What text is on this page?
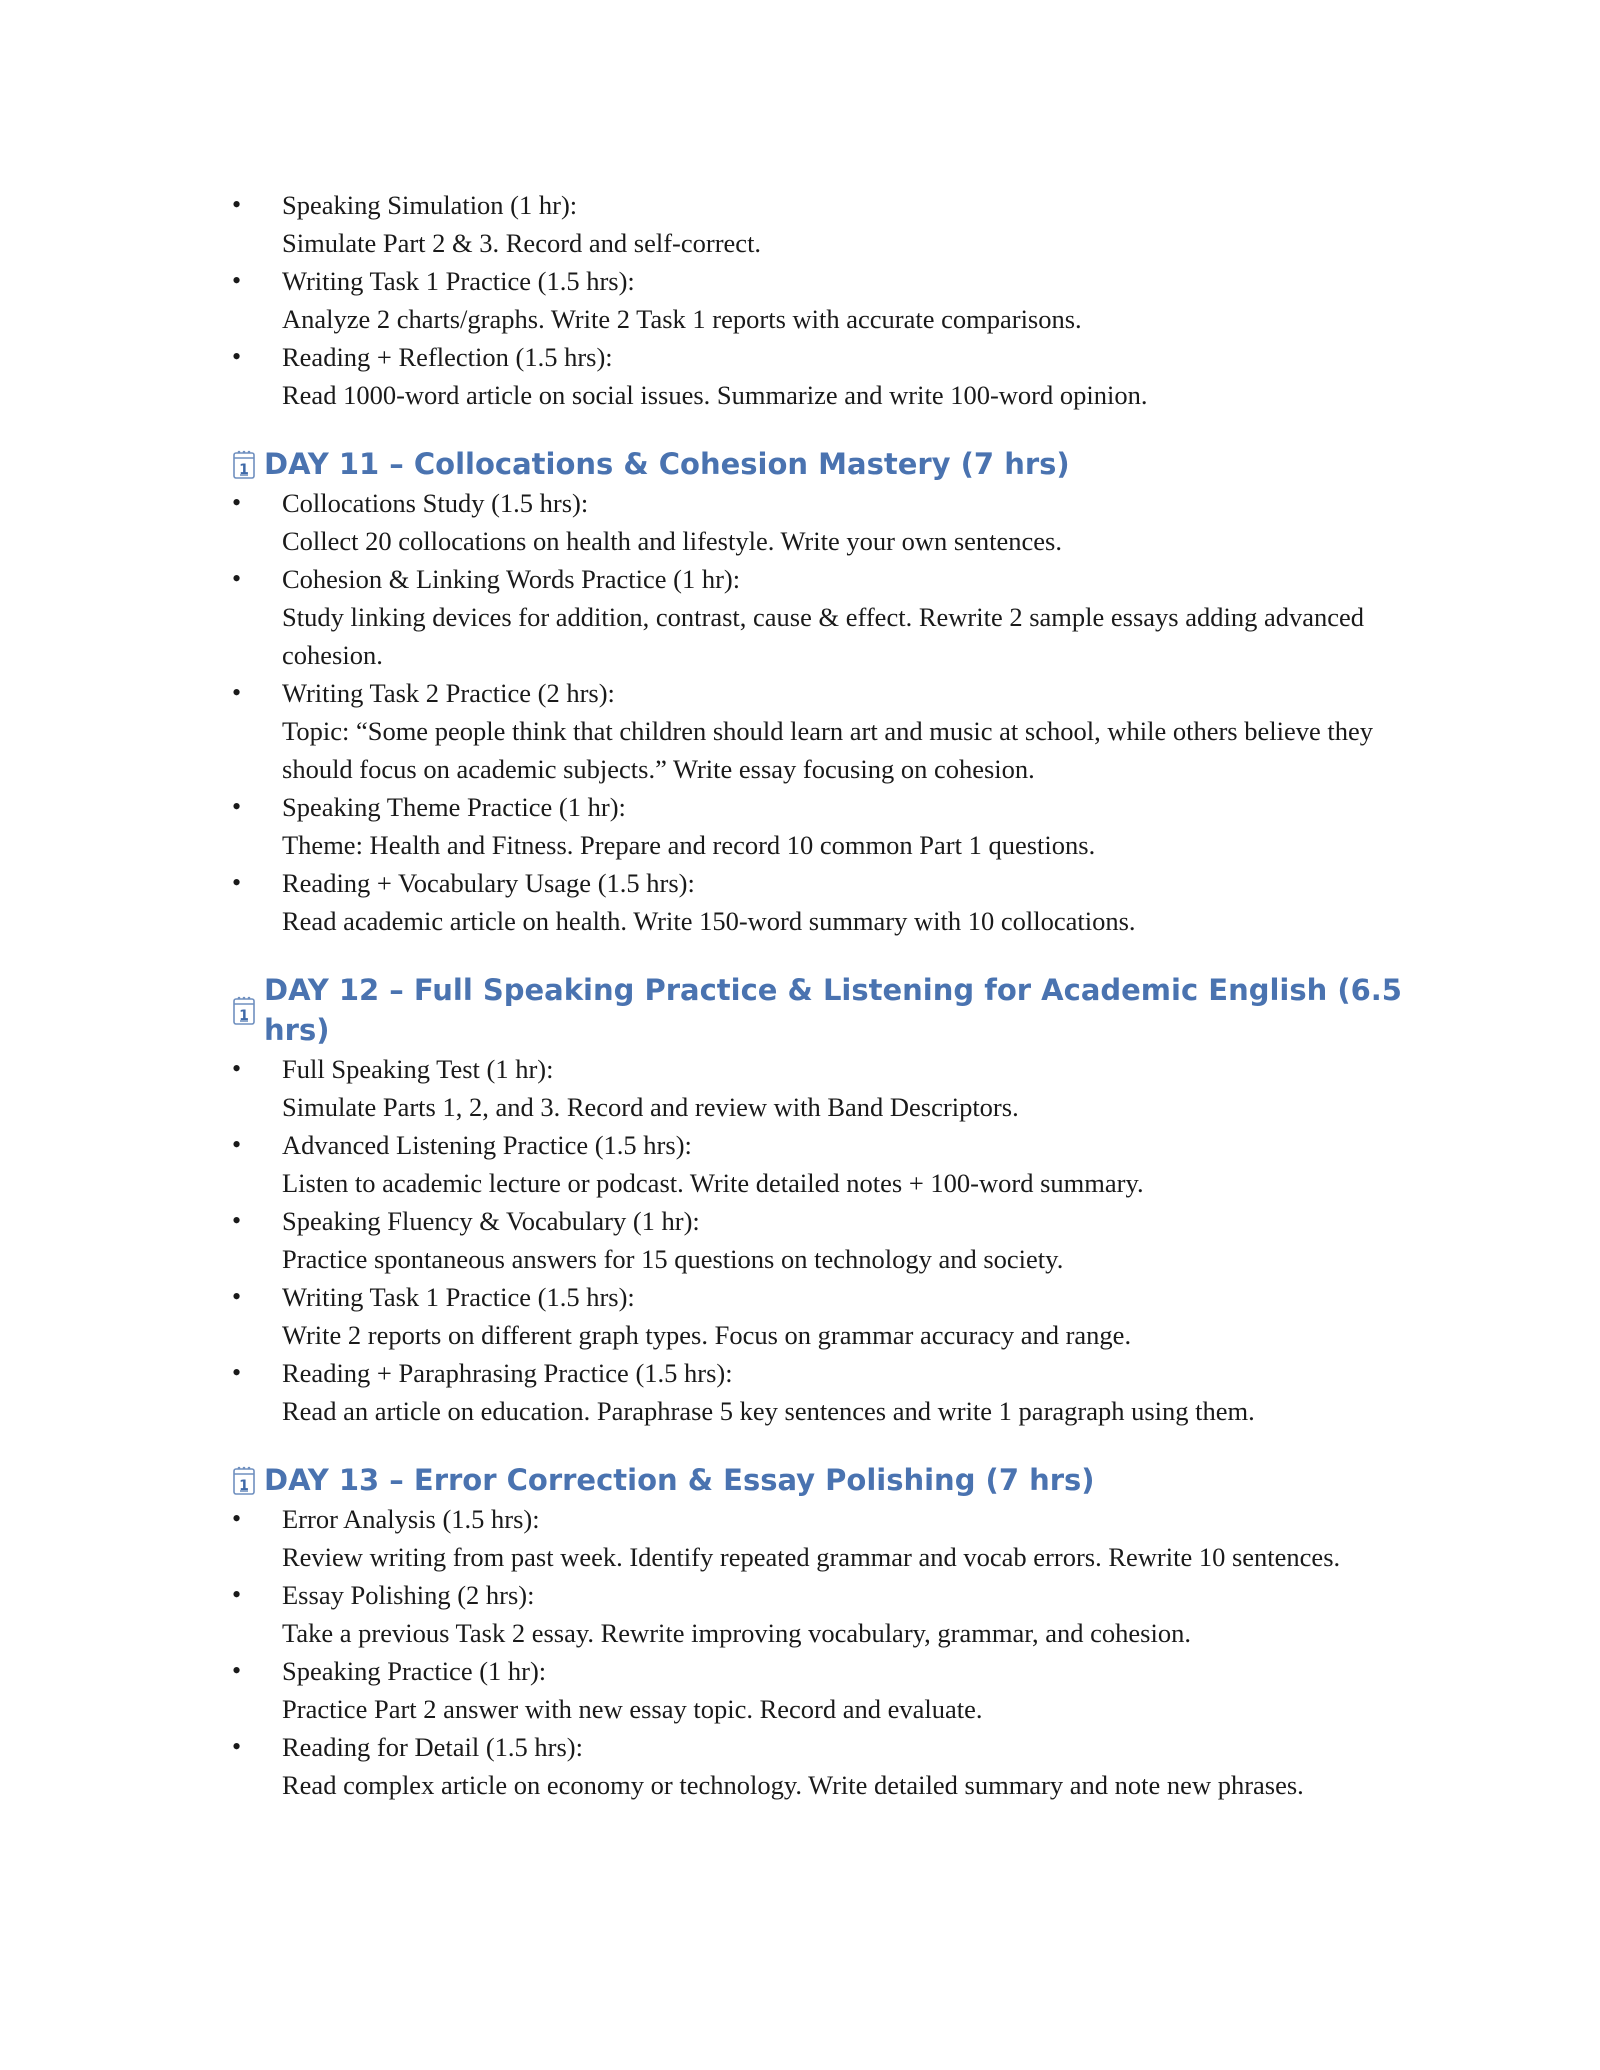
•	Speaking Simulation (1 hr):
Simulate Part 2 & 3. Record and self-correct.
•	Writing Task 1 Practice (1.5 hrs):
Analyze 2 charts/graphs. Write 2 Task 1 reports with accurate comparisons.
•	Reading + Reflection (1.5 hrs):
Read 1000-word article on social issues. Summarize and write 100-word opinion.
1 DAY 11 – Collocations & Cohesion Mastery (7 hrs)
•	Collocations Study (1.5 hrs):
Collect 20 collocations on health and lifestyle. Write your own sentences.
•	Cohesion & Linking Words Practice (1 hr):
Study linking devices for addition, contrast, cause & effect. Rewrite 2 sample essays adding advanced cohesion.
•	Writing Task 2 Practice (2 hrs):
Topic: “Some people think that children should learn art and music at school, while others believe they should focus on academic subjects.” Write essay focusing on cohesion.
•	Speaking Theme Practice (1 hr):
Theme: Health and Fitness. Prepare and record 10 common Part 1 questions.
•	Reading + Vocabulary Usage (1.5 hrs):
Read academic article on health. Write 150-word summary with 10 collocations.
1
DAY 12 – Full Speaking Practice & Listening for Academic English (6.5 hrs)
•	Full Speaking Test (1 hr):
Simulate Parts 1, 2, and 3. Record and review with Band Descriptors.
•	Advanced Listening Practice (1.5 hrs):
Listen to academic lecture or podcast. Write detailed notes + 100-word summary.
•	Speaking Fluency & Vocabulary (1 hr):
Practice spontaneous answers for 15 questions on technology and society.
•	Writing Task 1 Practice (1.5 hrs):
Write 2 reports on different graph types. Focus on grammar accuracy and range.
•	Reading + Paraphrasing Practice (1.5 hrs):
Read an article on education. Paraphrase 5 key sentences and write 1 paragraph using them.
1 DAY 13 – Error Correction & Essay Polishing (7 hrs)
•	Error Analysis (1.5 hrs):
Review writing from past week. Identify repeated grammar and vocab errors. Rewrite 10 sentences.
•	Essay Polishing (2 hrs):
Take a previous Task 2 essay. Rewrite improving vocabulary, grammar, and cohesion.
•	Speaking Practice (1 hr):
Practice Part 2 answer with new essay topic. Record and evaluate.
•	Reading for Detail (1.5 hrs):
Read complex article on economy or technology. Write detailed summary and note new phrases.
